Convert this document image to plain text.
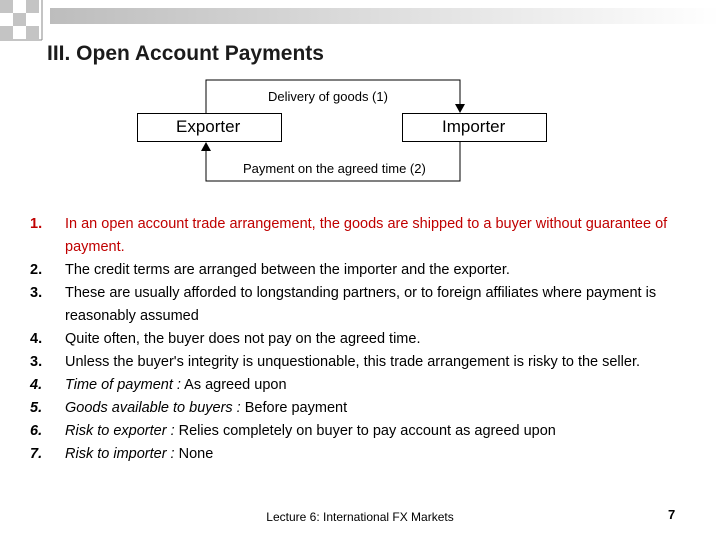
III. Open Account Payments
Delivery of goods (1)
Exporter	Importer
Payment on the agreed time (2)
1. In an open account trade arrangement, the goods are shipped to a buyer without guarantee of payment.
2. The credit terms are arranged between the importer and the exporter.
3. These are usually afforded to longstanding partners, or to foreign affiliates where payment is reasonably assumed
4. Quite often, the buyer does not pay on the agreed time.
3. Unless the buyer's integrity is unquestionable, this trade arrangement is risky to the seller.
4. Time of payment : As agreed upon
5. Goods available to buyers : Before payment
6. Risk to exporter : Relies completely on buyer to pay account as agreed upon
7. Risk to importer : None
Lecture 6: International FX Markets	7
